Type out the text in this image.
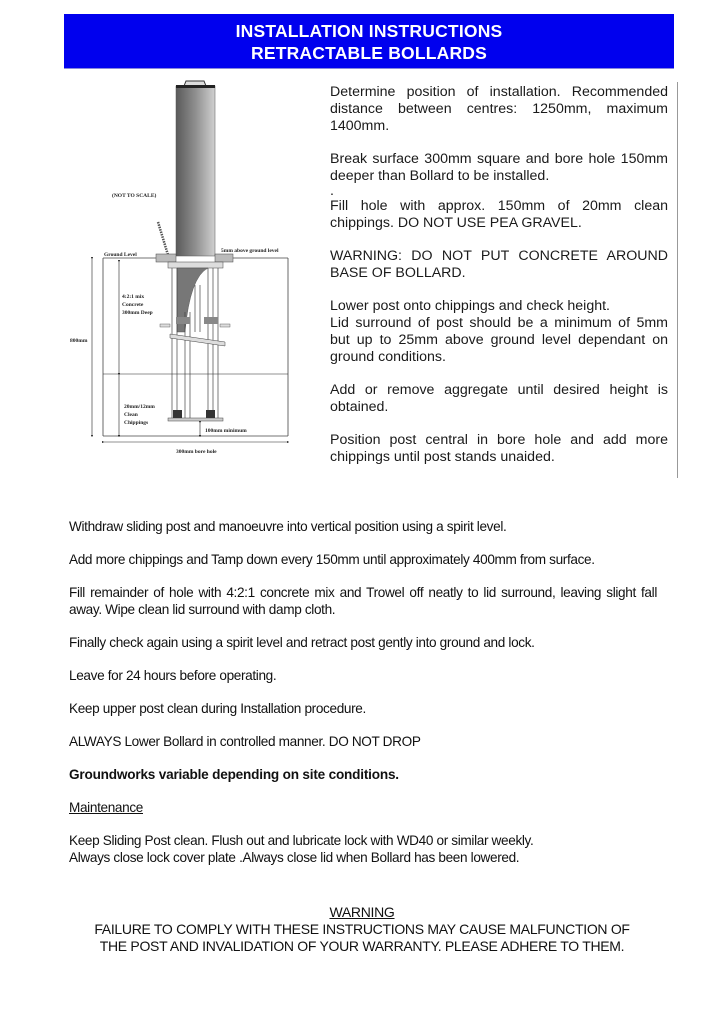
INSTALLATION INSTRUCTIONS
RETRACTABLE BOLLARDS
(NOT TO SCALE)
Ground Level
5mm above ground level
4:2:1 mix
Concrete
300mm Deep
800mm
20mm/12mm
Clean
Chippings
100mm minimum
300mm bore hole

Determine position of installation. Recommended distance between centres: 1250mm, maximum 1400mm.

Break surface 300mm square and bore hole 150mm deeper than Bollard to be installed.

.

Fill hole with approx. 150mm of 20mm clean chippings. DO NOT USE PEA GRAVEL.

WARNING: DO NOT PUT CONCRETE AROUND BASE OF BOLLARD.

Lower post onto chippings and check height.

Lid surround of post should be a minimum of 5mm but up to 25mm above ground level dependant on ground conditions.

Add or remove aggregate until desired height is obtained.

Position post central in bore hole and add more chippings until post stands unaided.

Withdraw sliding post and manoeuvre into vertical position using a spirit level.

Add more chippings and Tamp down every 150mm until approximately 400mm from surface.

Fill remainder of hole with 4:2:1 concrete mix and Trowel off neatly to lid surround, leaving slight fall away. Wipe clean lid surround with damp cloth.

Finally check again using a spirit level and retract post gently into ground and lock.

Leave for 24 hours before operating.

Keep upper post clean during Installation procedure.

ALWAYS Lower Bollard in controlled manner. DO NOT DROP

Groundworks variable depending on site conditions.

Maintenance

Keep Sliding Post clean. Flush out and lubricate lock with WD40 or similar weekly.

Always close lock cover plate .Always close lid when Bollard has been lowered.

WARNING
FAILURE TO COMPLY WITH THESE INSTRUCTIONS MAY CAUSE MALFUNCTION OF
THE POST AND INVALIDATION OF YOUR WARRANTY. PLEASE ADHERE TO THEM.
